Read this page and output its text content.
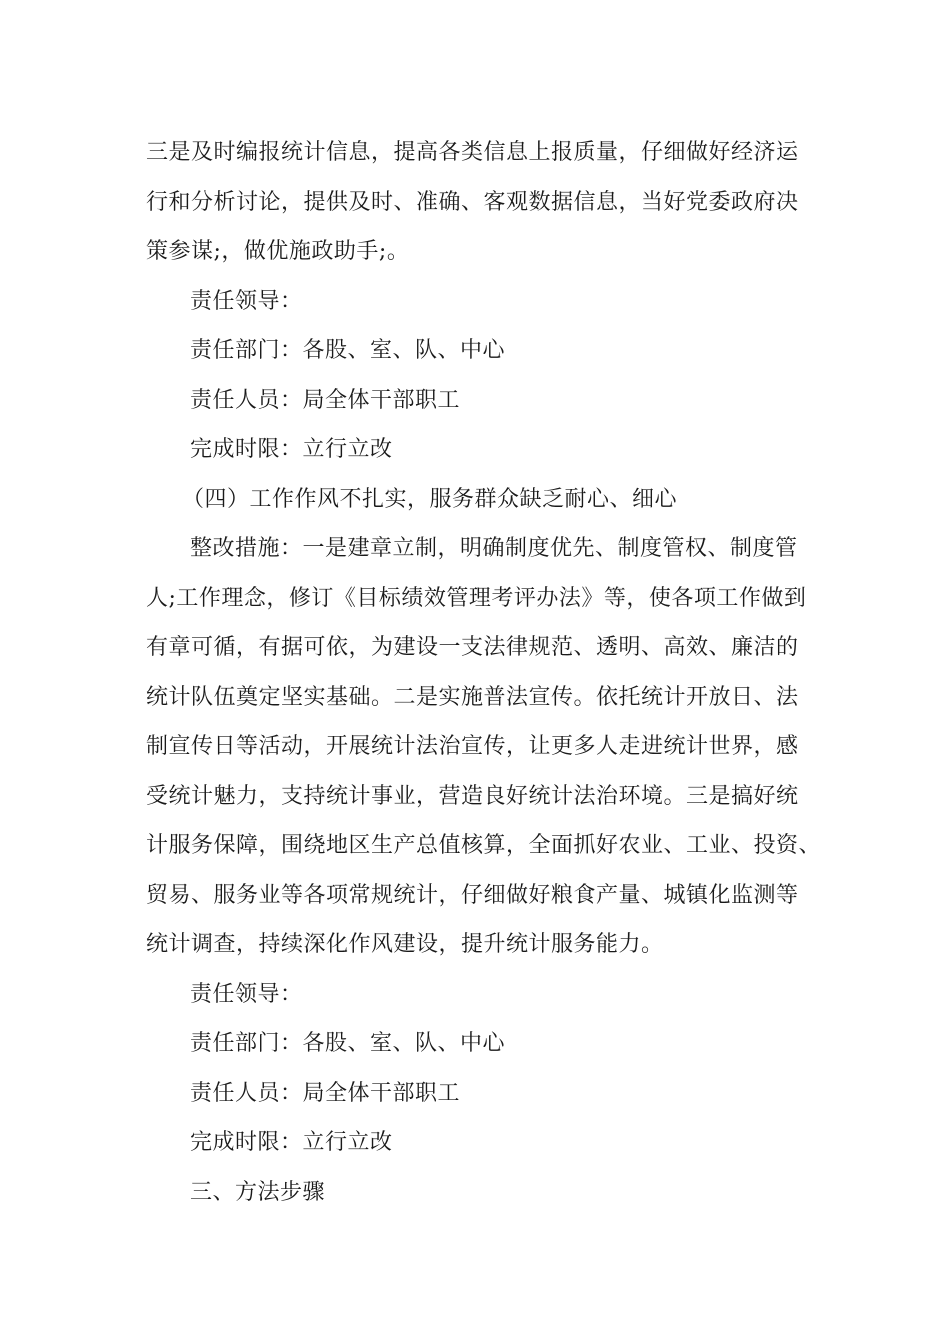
三是及时编报统计信息，提高各类信息上报质量，仔细做好经济运
行和分析讨论，提供及时、准确、客观数据信息，当好党委政府决
策参谋;，做优施政助手;。
责任领导：
责任部门：各股、室、队、中心
责任人员：局全体干部职工
完成时限：立行立改
（四）工作作风不扎实，服务群众缺乏耐心、细心
整改措施：一是建章立制，明确制度优先、制度管权、制度管
人;工作理念，修订《目标绩效管理考评办法》等，使各项工作做到
有章可循，有据可依，为建设一支法律规范、透明、高效、廉洁的
统计队伍奠定坚实基础。二是实施普法宣传。依托统计开放日、法
制宣传日等活动，开展统计法治宣传，让更多人走进统计世界，感
受统计魅力，支持统计事业，营造良好统计法治环境。三是搞好统
计服务保障，围绕地区生产总值核算，全面抓好农业、工业、投资、
贸易、服务业等各项常规统计，仔细做好粮食产量、城镇化监测等
统计调查，持续深化作风建设，提升统计服务能力。
责任领导：
责任部门：各股、室、队、中心
责任人员：局全体干部职工
完成时限：立行立改
三、方法步骤
